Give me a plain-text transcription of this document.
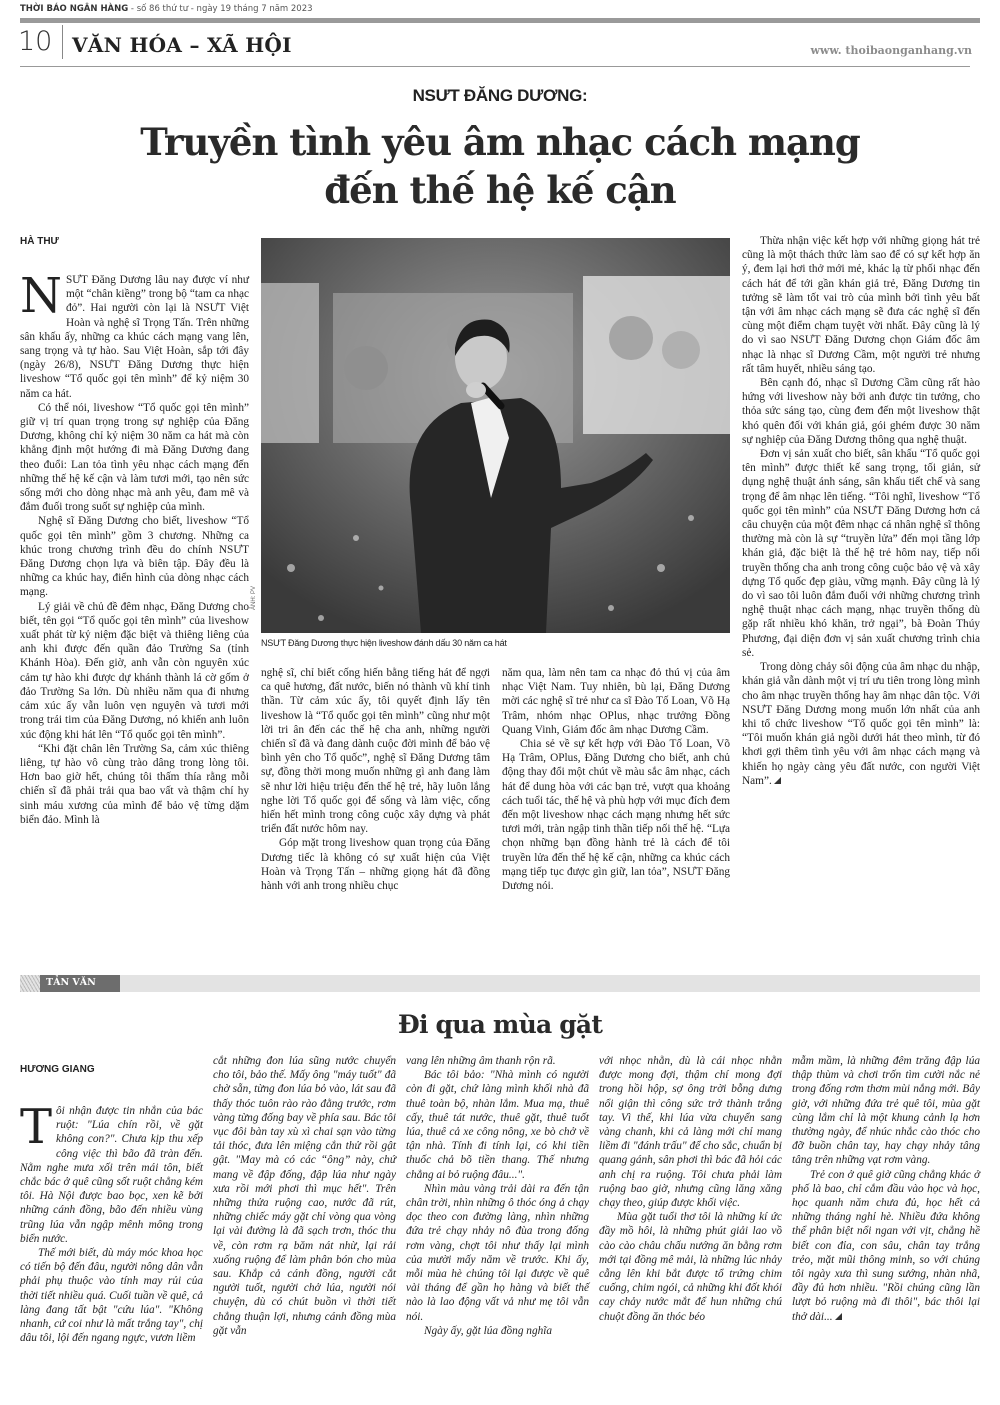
THỜI BÁO NGÂN HÀNG - số 86 thứ tư - ngày 19 tháng 7 năm 2023
10 VĂN HÓA – XÃ HỘI	www. thoibaonganhang.vn
NSƯT ĐĂNG DƯƠNG:
Truyền tình yêu âm nhạc cách mạng
đến thế hệ kế cận
HÀ THƯ

NSƯT Đăng Dương lâu nay được ví như một “chân kiềng” trong bộ “tam ca nhạc đỏ”. Hai người còn lại là NSƯT Việt Hoàn và nghệ sĩ Trọng Tấn. Trên những sân khấu ấy, những ca khúc cách mạng vang lên, sang trọng và tự hào. Sau Việt Hoàn, sắp tới đây (ngày 26/8), NSƯT Đăng Dương thực hiện liveshow “Tổ quốc gọi tên mình” để kỷ niệm 30 năm ca hát.

Có thể nói, liveshow “Tổ quốc gọi tên mình” giữ vị trí quan trọng trong sự nghiệp của Đăng Dương, không chỉ kỷ niệm 30 năm ca hát mà còn khẳng định một hướng đi mà Đăng Dương đang theo đuổi: Lan tỏa tình yêu nhạc cách mạng đến những thế hệ kế cận và làm tươi mới, tạo nên sức sống mới cho dòng nhạc mà anh yêu, đam mê và đắm đuối trong suốt sự nghiệp của mình.

Nghệ sĩ Đăng Dương cho biết, liveshow “Tổ quốc gọi tên mình” gồm 3 chương. Những ca khúc trong chương trình đều do chính NSƯT Đăng Dương chọn lựa và biên tập. Đây đều là những ca khúc hay, điển hình của dòng nhạc cách mạng.

Lý giải về chủ đề đêm nhạc, Đăng Dương cho biết, tên gọi “Tổ quốc gọi tên mình” của liveshow xuất phát từ kỷ niệm đặc biệt và thiêng liêng của anh khi được đến quần đảo Trường Sa (tỉnh Khánh Hòa). Đến giờ, anh vẫn còn nguyên xúc cảm tự hào khi được dự khánh thành lá cờ gốm ở đảo Trường Sa lớn. Dù nhiều năm qua đi nhưng cảm xúc ấy vẫn luôn vẹn nguyên và tươi mới trong trái tim của Đăng Dương, nó khiến anh luôn xúc động khi hát lên “Tổ quốc gọi tên mình”.

“Khi đặt chân lên Trường Sa, cảm xúc thiêng liêng, tự hào vô cùng trào dâng trong lòng tôi. Hơn bao giờ hết, chúng tôi thấm thía rằng mỗi chiến sĩ đã phải trải qua bao vất và thậm chí hy sinh máu xương của mình để bảo vệ từng dặm biển đảo. Mình là

ẢNH: PV
NSƯT Đăng Dương thực hiện liveshow đánh dấu 30 năm ca hát

nghệ sĩ, chỉ biết cống hiến bằng tiếng hát để ngợi ca quê hương, đất nước, biến nó thành vũ khí tinh thần. Từ cảm xúc ấy, tôi quyết định lấy tên liveshow là “Tổ quốc gọi tên mình” cũng như một lời tri ân đến các thế hệ cha anh, những người chiến sĩ đã và đang dành cuộc đời mình để bảo vệ bình yên cho Tổ quốc”, nghệ sĩ Đăng Dương tâm sự, đồng thời mong muốn những gì anh đang làm sẽ như lời hiệu triệu đến thế hệ trẻ, hãy luôn lắng nghe lời Tổ quốc gọi để sống và làm việc, cống hiến hết mình trong công cuộc xây dựng và phát triển đất nước hôm nay.

Góp mặt trong liveshow quan trọng của Đăng Dương tiếc là không có sự xuất hiện của Việt Hoàn và Trọng Tấn – những giọng hát đã đồng hành với anh trong nhiều chục

năm qua, làm nên tam ca nhạc đỏ thú vị của âm nhạc Việt Nam. Tuy nhiên, bù lại, Đăng Dương mời các nghệ sĩ trẻ như ca sĩ Đào Tố Loan, Võ Hạ Trâm, nhóm nhạc OPlus, nhạc trưởng Đồng Quang Vinh, Giám đốc âm nhạc Dương Cầm.

Chia sẻ về sự kết hợp với Đào Tố Loan, Võ Hạ Trâm, OPlus, Đăng Dương cho biết, anh chủ động thay đổi một chút về màu sắc âm nhạc, cách hát để dung hòa với các bạn trẻ, vượt qua khoảng cách tuổi tác, thế hệ và phù hợp với mục đích đem đến một liveshow nhạc cách mạng nhưng hết sức tươi mới, tràn ngập tinh thần tiếp nối thế hệ. “Lựa chọn những bạn đồng hành trẻ là cách để tôi truyền lửa đến thế hệ kế cận, những ca khúc cách mạng tiếp tục được gìn giữ, lan tỏa”, NSƯT Đăng Dương nói.

Thừa nhận việc kết hợp với những giọng hát trẻ cũng là một thách thức làm sao để có sự kết hợp ăn ý, đem lại hơi thở mới mẻ, khác lạ từ phối nhạc đến cách hát để tới gần khán giả trẻ, Đăng Dương tin tưởng sẽ làm tốt vai trò của mình bởi tình yêu bất tận với âm nhạc cách mạng sẽ đưa các nghệ sĩ đến cùng một điểm chạm tuyệt vời nhất. Đây cũng là lý do vì sao NSƯT Đăng Dương chọn Giám đốc âm nhạc là nhạc sĩ Dương Cầm, một người trẻ nhưng rất tâm huyết, nhiều sáng tạo.

Bên cạnh đó, nhạc sĩ Dương Cầm cũng rất hào hứng với liveshow này bởi anh được tin tưởng, cho thỏa sức sáng tạo, cùng đem đến một liveshow thật khó quên đối với khán giả, gói ghém được 30 năm sự nghiệp của Đăng Dương thông qua nghệ thuật.

Đơn vị sản xuất cho biết, sân khấu “Tổ quốc gọi tên mình” được thiết kế sang trọng, tối giản, sử dụng nghệ thuật ánh sáng, sân khấu tiết chế và sang trọng để âm nhạc lên tiếng. “Tôi nghĩ, liveshow “Tổ quốc gọi tên mình” của NSƯT Đăng Dương hơn cả câu chuyện của một đêm nhạc cá nhân nghệ sĩ thông thường mà còn là sự “truyền lửa” đến mọi tầng lớp khán giả, đặc biệt là thế hệ trẻ hôm nay, tiếp nối truyền thống cha anh trong công cuộc bảo vệ và xây dựng Tổ quốc đẹp giàu, vững mạnh. Đây cũng là lý do vì sao tôi luôn đắm đuối với những chương trình nghệ thuật nhạc cách mạng, nhạc truyền thống dù gặp rất nhiều khó khăn, trở ngại”, bà Đoàn Thúy Phương, đại diện đơn vị sản xuất chương trình chia sẻ.

Trong dòng chảy sôi động của âm nhạc du nhập, khán giả vẫn dành một vị trí ưu tiên trong lòng mình cho âm nhạc truyền thống hay âm nhạc dân tộc. Với NSƯT Đăng Dương mong muốn lớn nhất của anh khi tổ chức liveshow “Tổ quốc gọi tên mình” là: “Tôi muốn khán giả ngồi dưới hát theo mình, từ đó khơi gợi thêm tình yêu với âm nhạc cách mạng và khiến họ ngày càng yêu đất nước, con người Việt Nam”.

TẢN VĂN
Đi qua mùa gặt
HƯƠNG GIANG

Tôi nhận được tin nhắn của bác ruột: "Lúa chín rồi, về gặt không con?". Chưa kịp thu xếp công việc thì bão đã tràn đến. Nằm nghe mưa xối trên mái tôn, biết chắc bác ở quê cũng sốt ruột chẳng kém tôi. Hà Nội được bao bọc, xen kẽ bởi những cánh đồng, bão đến nhiều vùng trũng lúa vẫn ngập mênh mông trong biển nước.

Thế mới biết, dù máy móc khoa học có tiến bộ đến đâu, người nông dân vẫn phải phụ thuộc vào tính may rủi của thời tiết nhiều quá. Cuối tuần về quê, cả làng đang tất bật "cứu lúa". "Không nhanh, cứ coi như là mất trắng tay", chị dâu tôi, lội đến ngang ngực, vươn liềm

cắt những đon lúa sũng nước chuyển cho tôi, bảo thế. Mấy ông "máy tuốt" đã chờ sẵn, từng đon lúa bỏ vào, lát sau đã thấy thóc tuôn rào rào đằng trước, rơm vàng từng đống bay về phía sau. Bác tôi vục đôi bàn tay xù xì chai sạn vào từng tải thóc, đưa lên miệng cắn thử rồi gật gật. "May mà có các “ông” này, chứ mang về đập đống, đập lúa như ngày xưa rồi mới phơi thì mục hết". Trên những thửa ruộng cao, nước đã rút, những chiếc máy gặt chỉ vòng qua vòng lại vài đường là đã sạch trơn, thóc thu về, còn rơm rạ băm nát nhừ, lại rải xuống ruộng để làm phân bón cho mùa sau. Khắp cả cánh đồng, người cắt người tuốt, người chở lúa, người nói chuyện, dù có chút buồn vì thời tiết chẳng thuận lợi, nhưng cánh đồng mùa gặt vẫn

vang lên những âm thanh rộn rã.

Bác tôi bảo: "Nhà mình có người còn đi gặt, chứ làng mình khối nhà đã thuê toàn bộ, nhàn lắm. Mua mạ, thuê cấy, thuê tát nước, thuê gặt, thuê tuốt lúa, thuê cả xe công nông, xe bò chở về tận nhà. Tính đi tính lại, có khi tiền thuốc chả bõ tiền thang. Thế nhưng chẳng ai bỏ ruộng đâu...".

Nhìn màu vàng trải dài ra đến tận chân trời, nhìn những ô thóc óng ả chạy dọc theo con đường làng, nhìn những đứa trẻ chạy nhảy nô đùa trong đống rơm vàng, chợt tôi như thấy lại mình của mười mấy năm về trước. Khi ấy, mỗi mùa hè chúng tôi lại được về quê vài tháng để gần họ hàng và biết thế nào là lao động vất vả như mẹ tôi vẫn nói.

Ngày ấy, gặt lúa đồng nghĩa

với nhọc nhằn, dù là cái nhọc nhằn được mong đợi, thậm chí mong đợi trong hồi hộp, sợ ông trời bỗng dưng nổi giận thì công sức trở thành trắng tay. Vì thế, khi lúa vừa chuyển sang vàng chanh, khi cả làng mới chỉ mang liềm đi "đánh trấu" để cho sắc, chuẩn bị quang gánh, sân phơi thì bác đã hỏi các anh chị ra ruộng. Tôi chưa phải làm ruộng bao giờ, nhưng cũng lăng xăng chạy theo, giúp được khối việc.

Mùa gặt tuổi thơ tôi là những kí ức đầy mồ hôi, là những phút giải lao vồ cào cào châu chấu nướng ăn bằng rơm mới tại đồng mê mải, là những lúc nhảy cẫng lên khi bắt được tổ trứng chim cuống, chim ngói, cả những khi đốt khói cay chảy nước mắt để hun những chú chuột đồng ăn thóc béo

mẫm mầm, là những đêm trăng đập lúa thập thùm và chơi trốn tìm cười nắc nẻ trong đống rơm thơm mùi nắng mới. Bây giờ, với những đứa trẻ quê tôi, mùa gặt cùng lắm chỉ là một khung cảnh lạ hơn thường ngày, để nhúc nhắc cào thóc cho đỡ buồn chân tay, hay chạy nhảy tâng tâng trên những vạt rơm vàng.

Trẻ con ở quê giờ cũng chẳng khác ở phố là bao, chỉ cắm đầu vào học và học, học quanh năm chưa đủ, học hết cả những tháng nghỉ hè. Nhiều đứa không thể phân biệt nổi ngan với vịt, chẳng hề biết con đỉa, con sâu, chân tay trắng trẻo, mặt mũi thông minh, so với chúng tôi ngày xưa thì sung sướng, nhàn nhã, đầy đủ hơn nhiều. "Rồi chúng cũng lần lượt bỏ ruộng mà đi thôi", bác thôi lại thở dài...
